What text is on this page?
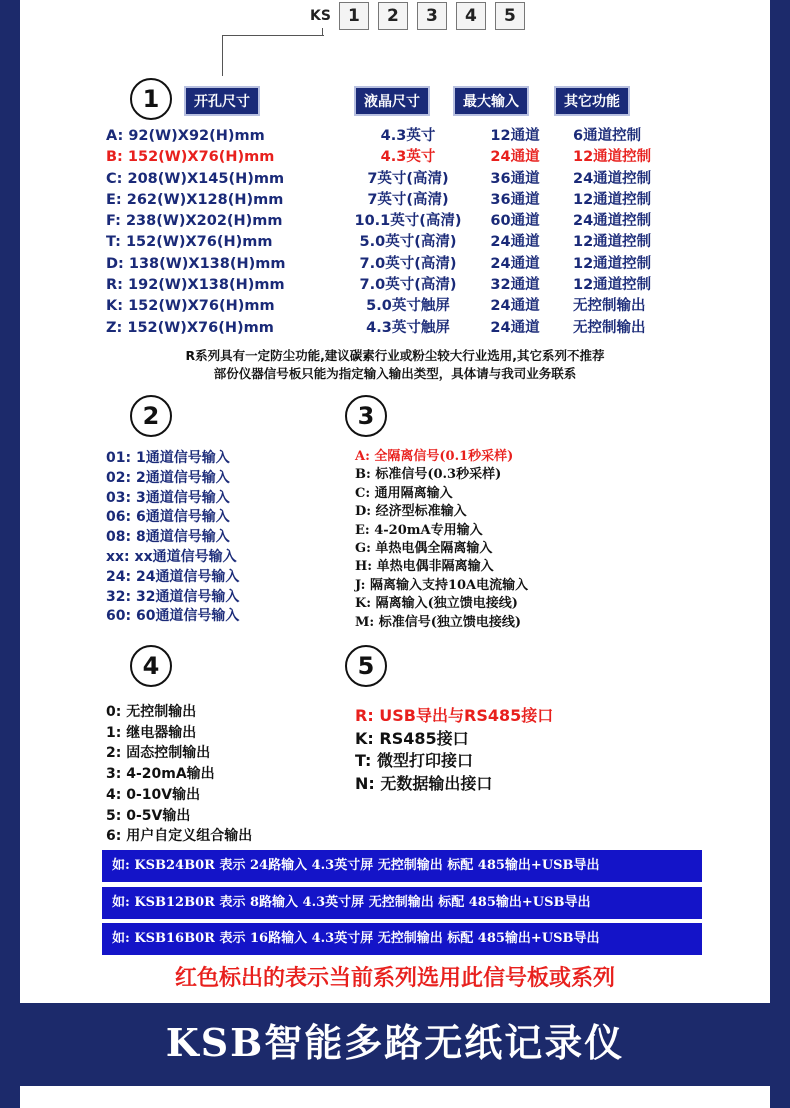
KS	1	2	3	4	5
1	开孔尺寸	液晶尺寸	最大输入	其它功能
A: 92(W)X92(H)mm	4.3英寸	12通道	6通道控制
B: 152(W)X76(H)mm	4.3英寸	24通道	12通道控制
C: 208(W)X145(H)mm	7英寸(高清)	36通道	24通道控制
E: 262(W)X128(H)mm	7英寸(高清)	36通道	12通道控制
F: 238(W)X202(H)mm	10.1英寸(高清)	60通道	24通道控制
T: 152(W)X76(H)mm	5.0英寸(高清)	24通道	12通道控制
D: 138(W)X138(H)mm	7.0英寸(高清)	24通道	12通道控制
R: 192(W)X138(H)mm	7.0英寸(高清)	32通道	12通道控制
K: 152(W)X76(H)mm	5.0英寸触屏	24通道	无控制输出
Z: 152(W)X76(H)mm	4.3英寸触屏	24通道	无控制输出
R系列具有一定防尘功能,建议碳素行业或粉尘较大行业选用,其它系列不推荐
部份仪器信号板只能为指定输入输出类型，具体请与我司业务联系
2
01: 1通道信号输入
02: 2通道信号输入
03: 3通道信号输入
06: 6通道信号输入
08: 8通道信号输入
xx: xx通道信号输入
24: 24通道信号输入
32: 32通道信号输入
60: 60通道信号输入
3
A: 全隔离信号(0.1秒采样)
B: 标准信号(0.3秒采样)
C: 通用隔离输入
D: 经济型标准输入
E: 4-20mA专用输入
G: 单热电偶全隔离输入
H: 单热电偶非隔离输入
J: 隔离输入支持10A电流输入
K: 隔离输入(独立馈电接线)
M: 标准信号(独立馈电接线)
4
0: 无控制输出
1: 继电器输出
2: 固态控制输出
3: 4-20mA输出
4: 0-10V输出
5: 0-5V输出
6: 用户自定义组合输出
5
R: USB导出与RS485接口
K: RS485接口
T: 微型打印接口
N: 无数据输出接口
如: KSB24B0R 表示 24路输入 4.3英寸屏 无控制输出 标配 485输出+USB导出
如: KSB12B0R 表示 8路输入 4.3英寸屏 无控制输出 标配 485输出+USB导出
如: KSB16B0R 表示 16路输入 4.3英寸屏 无控制输出 标配 485输出+USB导出
红色标出的表示当前系列选用此信号板或系列
KSB智能多路无纸记录仪
